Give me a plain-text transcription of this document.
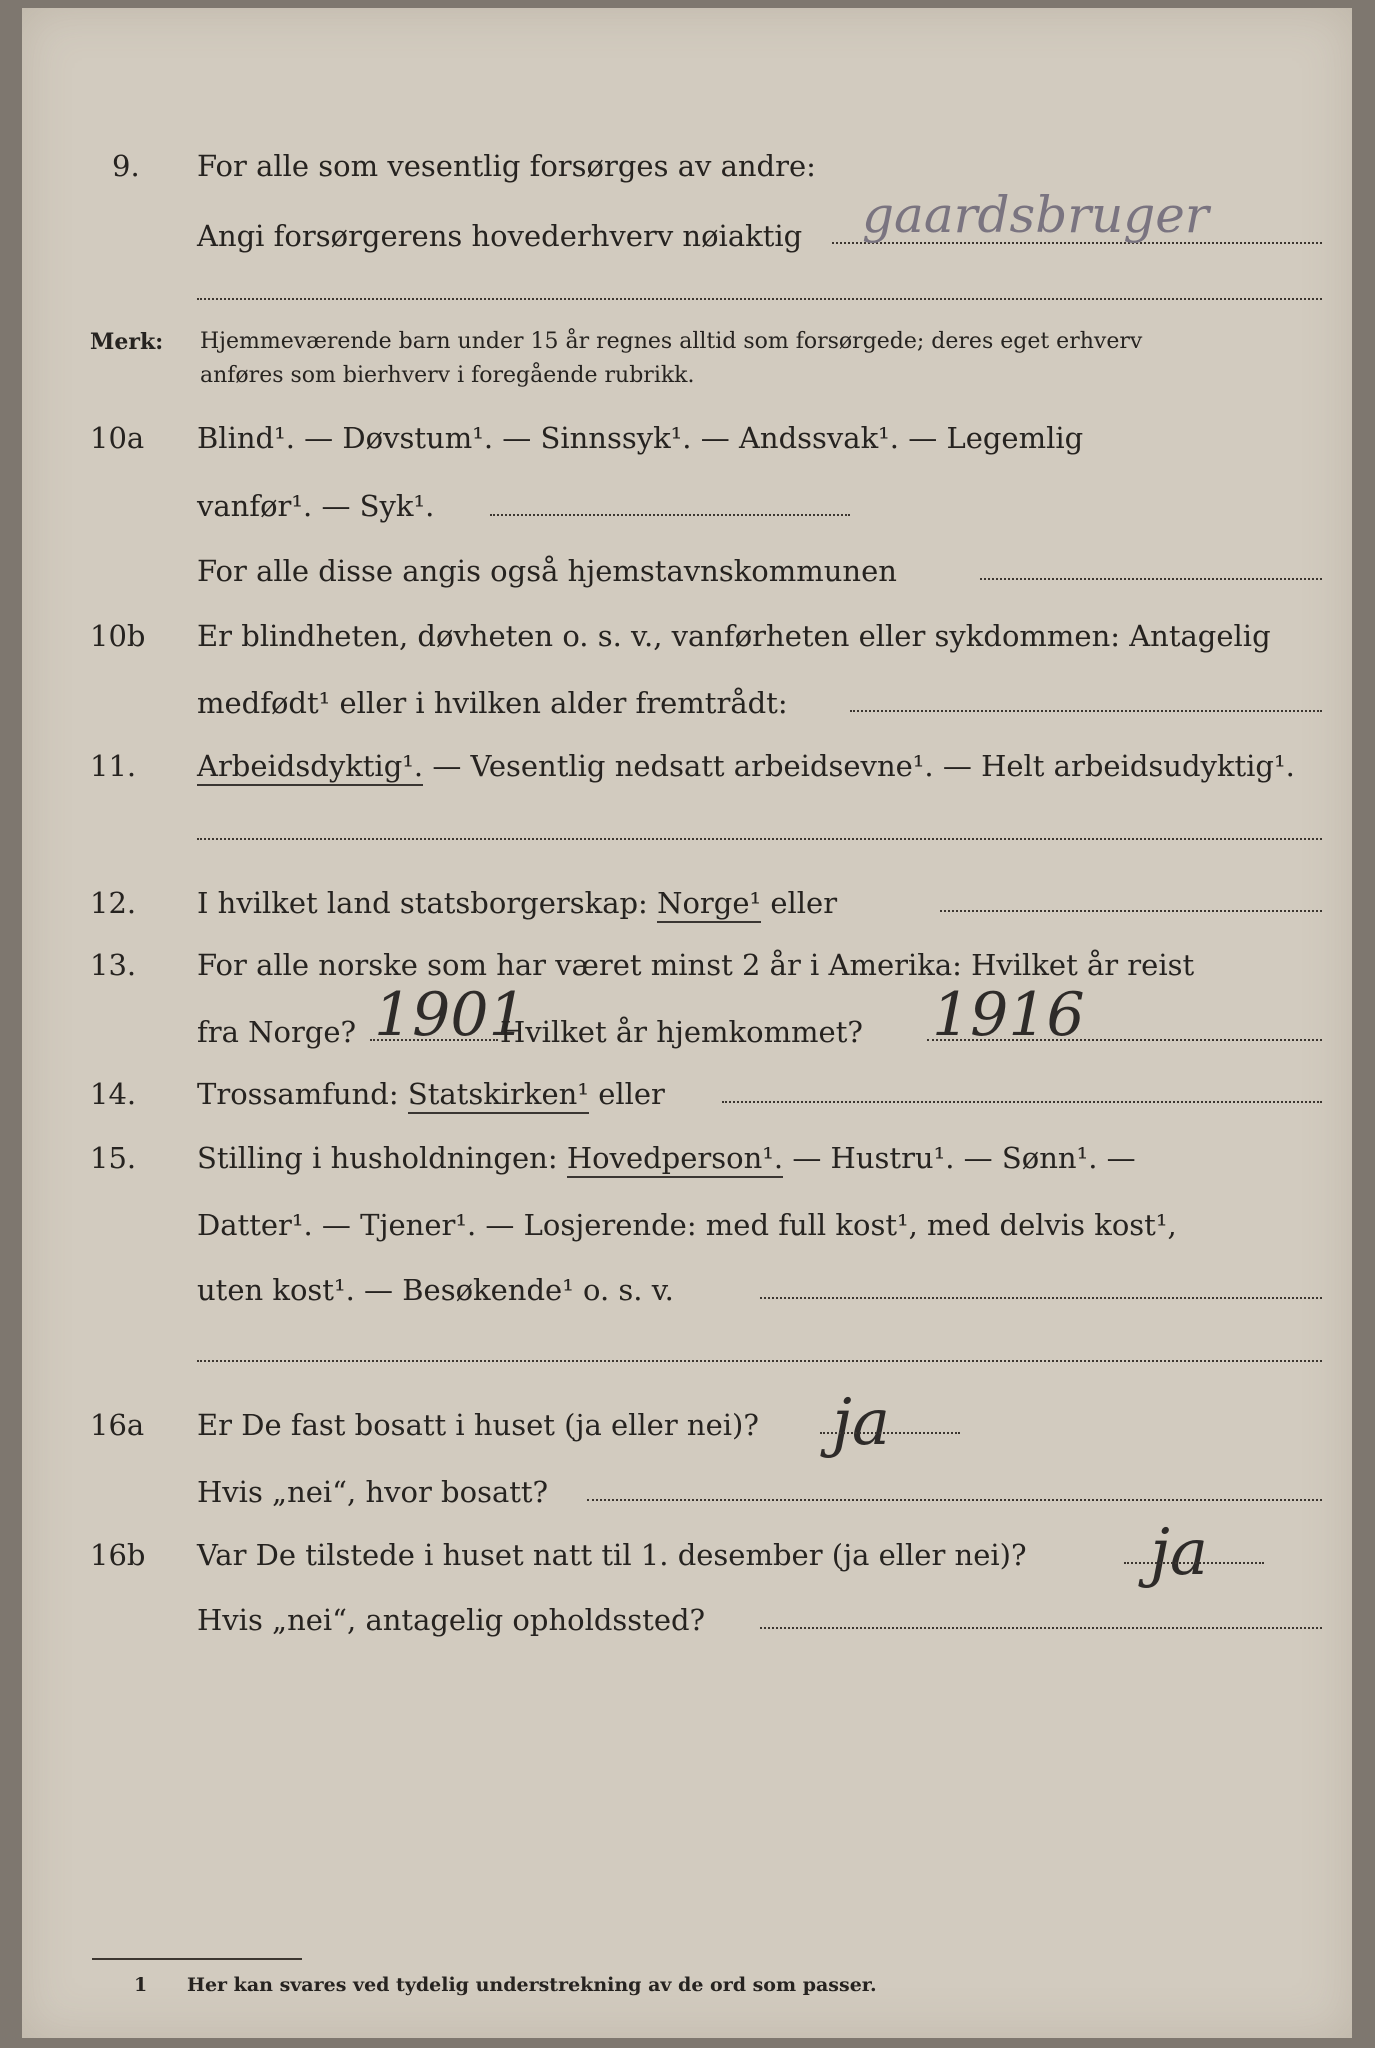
9. For alle som vesentlig forsørges av andre:
Angi forsørgerens hovederhverv nøiaktig gaardsbruger
Merk: Hjemmeværende barn under 15 år regnes alltid som forsørgede; deres eget erhverv
anføres som bierhverv i foregående rubrikk.
10a Blind¹. — Døvstum¹. — Sinnssyk¹. — Andssvak¹. — Legemlig
vanfør¹. — Syk¹.
For alle disse angis også hjemstavnskommunen
10b Er blindheten, døvheten o. s. v., vanførheten eller sykdommen: Antagelig
medfødt¹ eller i hvilken alder fremtrådt:
11. Arbeidsdyktig¹. — Vesentlig nedsatt arbeidsevne¹. — Helt arbeidsudyktig¹.
12. I hvilket land statsborgerskap: Norge¹ eller
13. For alle norske som har været minst 2 år i Amerika: Hvilket år reist
fra Norge? 1901
Hvilket år hjemkommet? 1916
14. Trossamfund: Statskirken¹ eller
15. Stilling i husholdningen: Hovedperson¹. — Hustru¹. — Sønn¹. —
Datter¹. — Tjener¹. — Losjerende: med full kost¹, med delvis kost¹,
uten kost¹. — Besøkende¹ o. s. v.
16a Er De fast bosatt i huset (ja eller nei)? ja
Hvis „nei“, hvor bosatt?
16b Var De tilstede i huset natt til 1. desember (ja eller nei)? ja
Hvis „nei“, antagelig opholdssted?
1 Her kan svares ved tydelig understrekning av de ord som passer.
